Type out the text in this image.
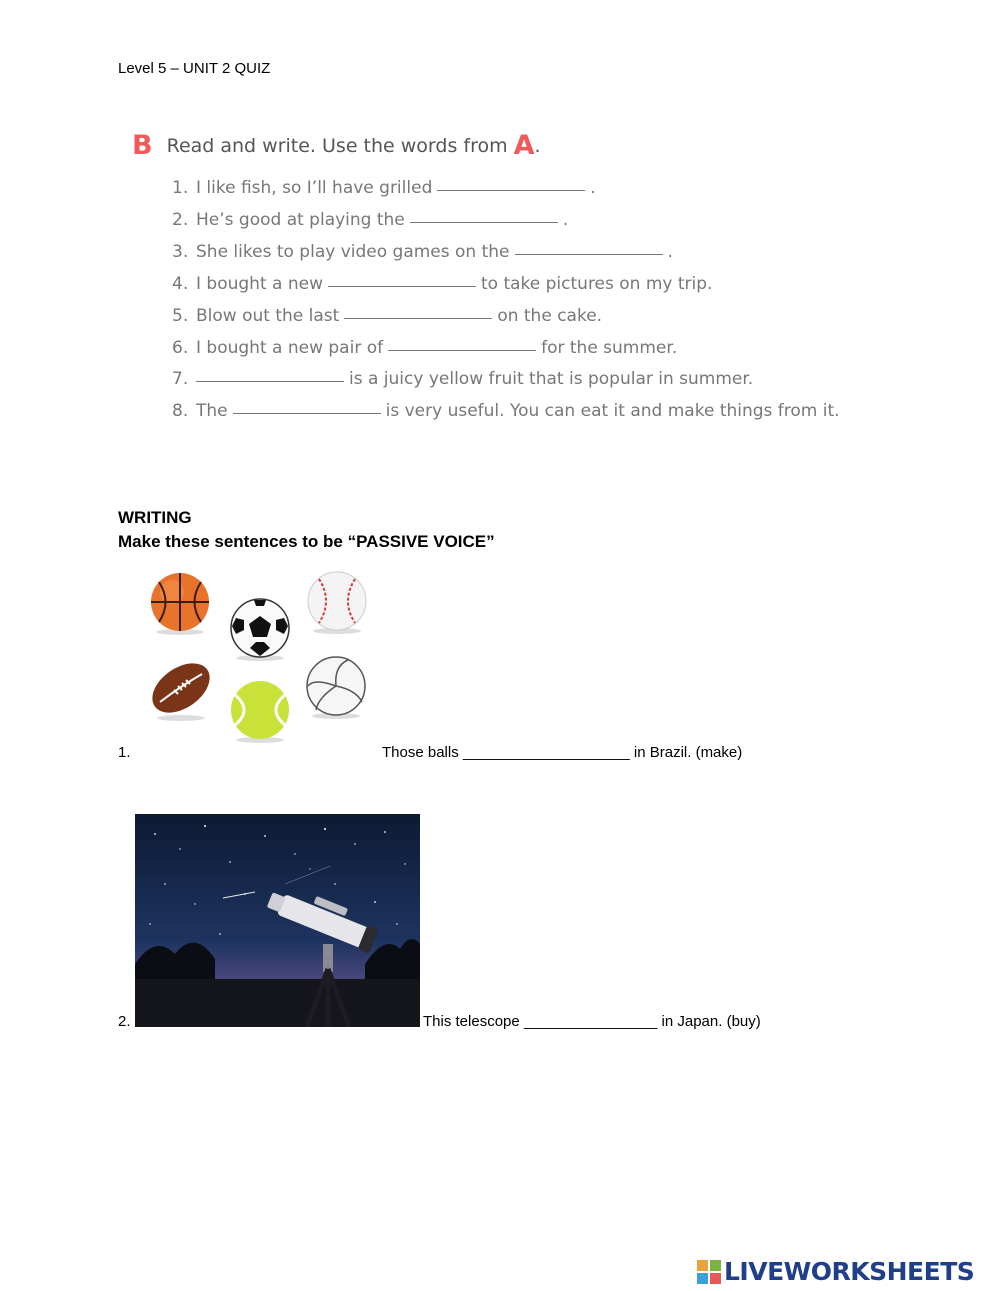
Level 5 – UNIT 2 QUIZ
B Read and write. Use the words from A .
1. I like fish, so I’ll have grilled	.
2. He’s good at playing the	.
3. She likes to play video games on the	.
4. I bought a new	to take pictures on my trip.
5. Blow out the last	on the cake.
6. I bought a new pair of	for the summer.
7.	is a juicy yellow fruit that is popular in summer.
8. The	is very useful. You can eat it and make things from it.
WRITING
Make these sentences to be “PASSIVE VOICE”
1.	Those balls ____________________ in Brazil. (make)
2.	This telescope ________________ in Japan. (buy)
LIVEWORKSHEETS
